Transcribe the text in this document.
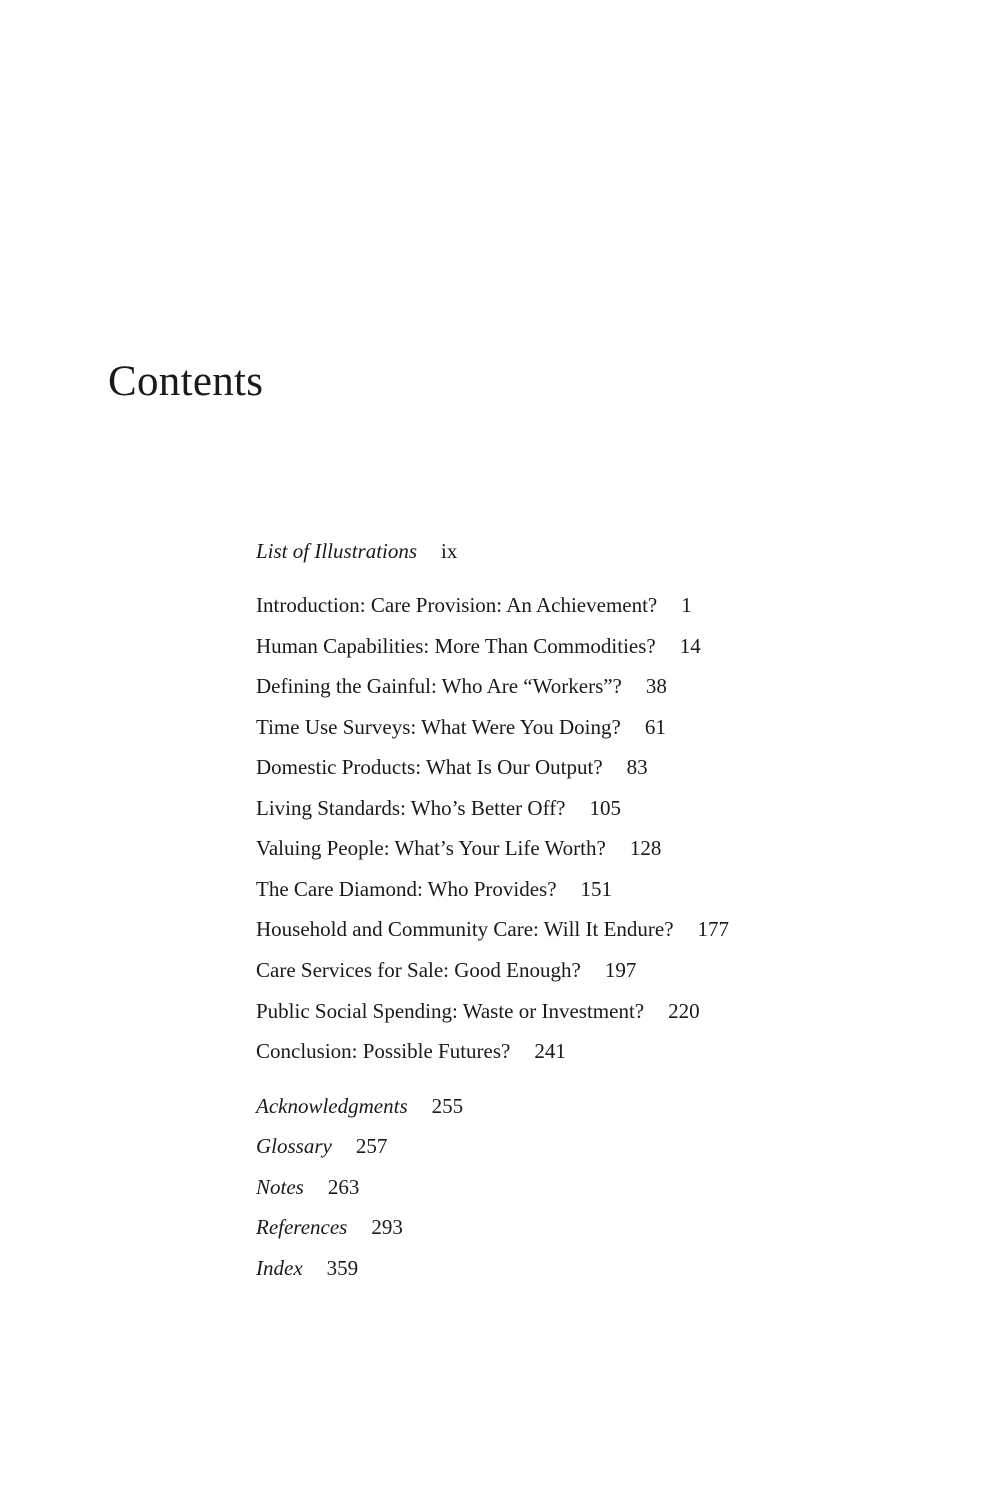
Contents
List of Illustrations ix
Introduction: Care Provision: An Achievement? 1
Human Capabilities: More Than Commodities? 14
Defining the Gainful: Who Are “Workers”? 38
Time Use Surveys: What Were You Doing? 61
Domestic Products: What Is Our Output? 83
Living Standards: Who’s Better Off? 105
Valuing People: What’s Your Life Worth? 128
The Care Diamond: Who Provides? 151
Household and Community Care: Will It Endure? 177
Care Services for Sale: Good Enough? 197
Public Social Spending: Waste or Investment? 220
Conclusion: Possible Futures? 241
Acknowledgments 255
Glossary 257
Notes 263
References 293
Index 359
